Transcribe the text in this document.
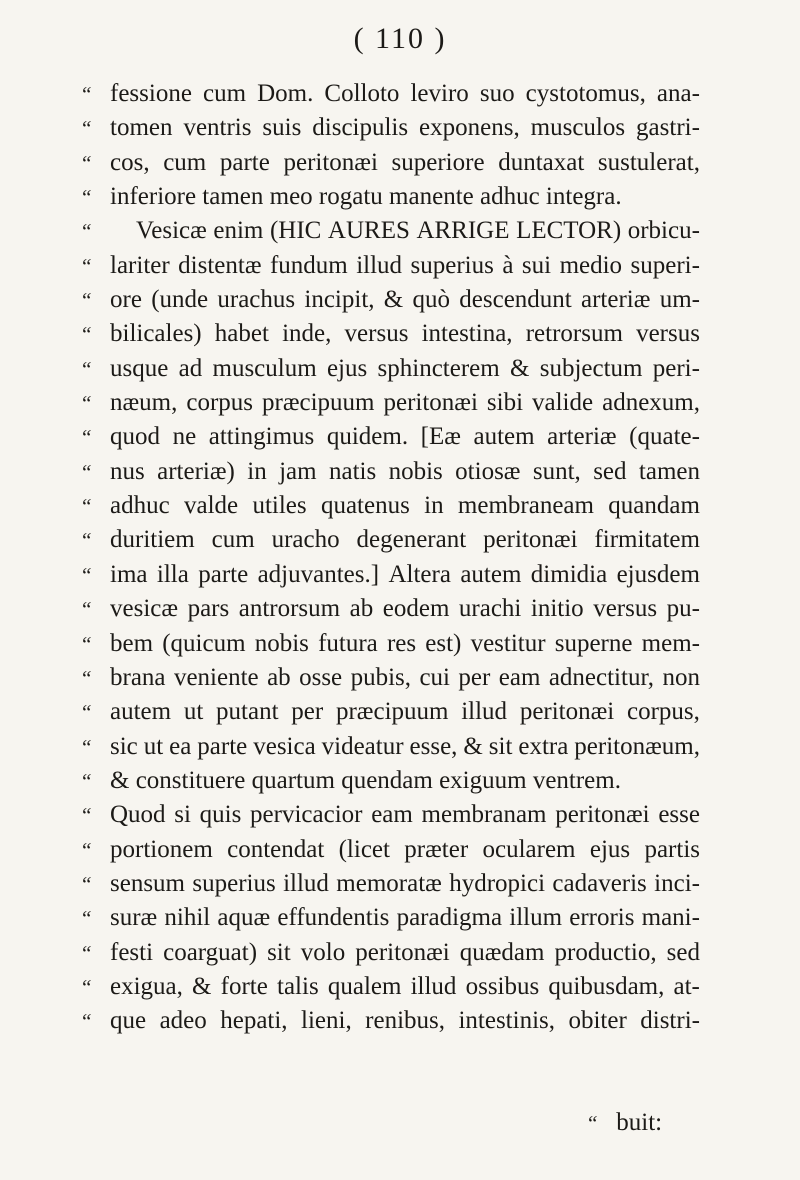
( 110 )
“ fessione cum Dom. Colloto leviro suo cystotomus, ana-
“ tomen ventris suis discipulis exponens, musculos gastri-
“ cos, cum parte peritonæi superiore duntaxat sustulerat,
“ inferiore tamen meo rogatu manente adhuc integra.
“	Vesicæ enim (HIC AURES ARRIGE LECTOR) orbicu-
“ lariter distentæ fundum illud superius à sui medio superi-
“ ore (unde urachus incipit, & quò descendunt arteriæ um-
“ bilicales) habet inde, versus intestina, retrorsum versus
“ usque ad musculum ejus sphincterem & subjectum peri-
“ næum, corpus præcipuum peritonæi sibi valide adnexum,
“ quod ne attingimus quidem. [Eæ autem arteriæ (quate-
“ nus arteriæ) in jam natis nobis otiosæ sunt, sed tamen
“ adhuc valde utiles quatenus in membraneam quandam
“ duritiem cum uracho degenerant peritonæi firmitatem
“ ima illa parte adjuvantes.] Altera autem dimidia ejusdem
“ vesicæ pars antrorsum ab eodem urachi initio versus pu-
“ bem (quicum nobis futura res est) vestitur superne mem-
“ brana veniente ab osse pubis, cui per eam adnectitur, non
“ autem ut putant per præcipuum illud peritonæi corpus,
“ sic ut ea parte vesica videatur esse, & sit extra peritonæum,
“ & constituere quartum quendam exiguum ventrem.
“ Quod si quis pervicacior eam membranam peritonæi esse
“ portionem contendat (licet præter ocularem ejus partis
“ sensum superius illud memoratæ hydropici cadaveris inci-
“ suræ nihil aquæ effundentis paradigma illum erroris mani-
“ festi coarguat) sit volo peritonæi quædam productio, sed
“ exigua, & forte talis qualem illud ossibus quibusdam, at-
“ que adeo hepati, lieni, renibus, intestinis, obiter distri-
“ buit:
